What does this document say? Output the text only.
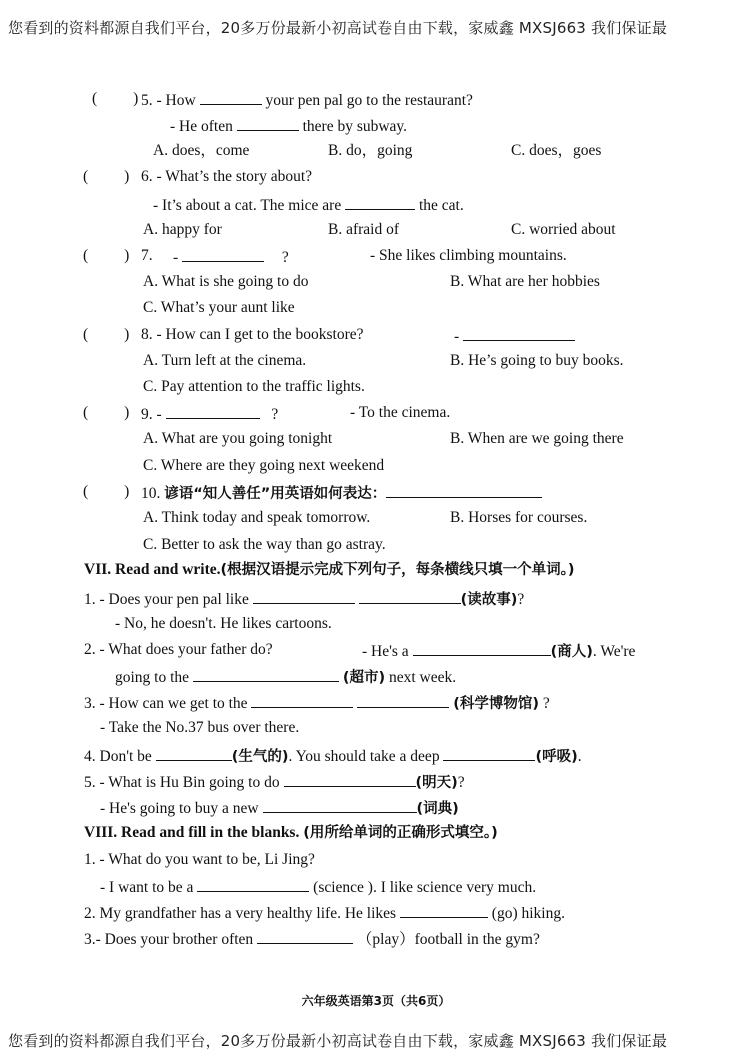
您看到的资料都源自我们平台，20多万份最新小初高试卷自由下载，家威鑫 MXSJ663 我们保证最
( ) 5. - How	your pen pal go to the restaurant?
- He often	there by subway.
A. does，come	B. do，going	C. does，goes
( ) 6. - What’s the story about?
- It’s about a cat. The mice are	the cat.
A. happy for	B. afraid of	C. worried about
( ) 7. -	?	- She likes climbing mountains.
A. What is she going to do	B. What are her hobbies
C. What’s your aunt like
( ) 8. - How can I get to the bookstore?	-
A. Turn left at the cinema.	B. He’s going to buy books.
C. Pay attention to the traffic lights.
( ) 9. -	?	- To the cinema.
A. What are you going tonight	B. When are we going there
C. Where are they going next weekend
( ) 10. 谚语“知人善任”用英语如何表达：
A. Think today and speak tomorrow.	B. Horses for courses.
C. Better to ask the way than go astray.
VII. Read and write.(根据汉语提示完成下列句子，每条横线只填一个单词。)
1. - Does your pen pal like	(读故事)?
- No, he doesn't. He likes cartoons.
2. - What does your father do?	- He's a	(商人). We're
going to the	(超市) next week.
3. - How can we get to the	(科学博物馆) ?
- Take the No.37 bus over there.
4. Don't be	(生气的). You should take a deep	(呼吸).
5. - What is Hu Bin going to do	(明天)?
- He's going to buy a new	(词典)
VIII. Read and fill in the blanks. (用所给单词的正确形式填空。)
1. - What do you want to be, Li Jing?
- I want to be a	(science ). I like science very much.
2. My grandfather has a very healthy life. He likes	(go) hiking.
3.- Does your brother often	（play）football in the gym?
六年级英语第3页（共6页）
您看到的资料都源自我们平台，20多万份最新小初高试卷自由下载，家威鑫 MXSJ663 我们保证最
